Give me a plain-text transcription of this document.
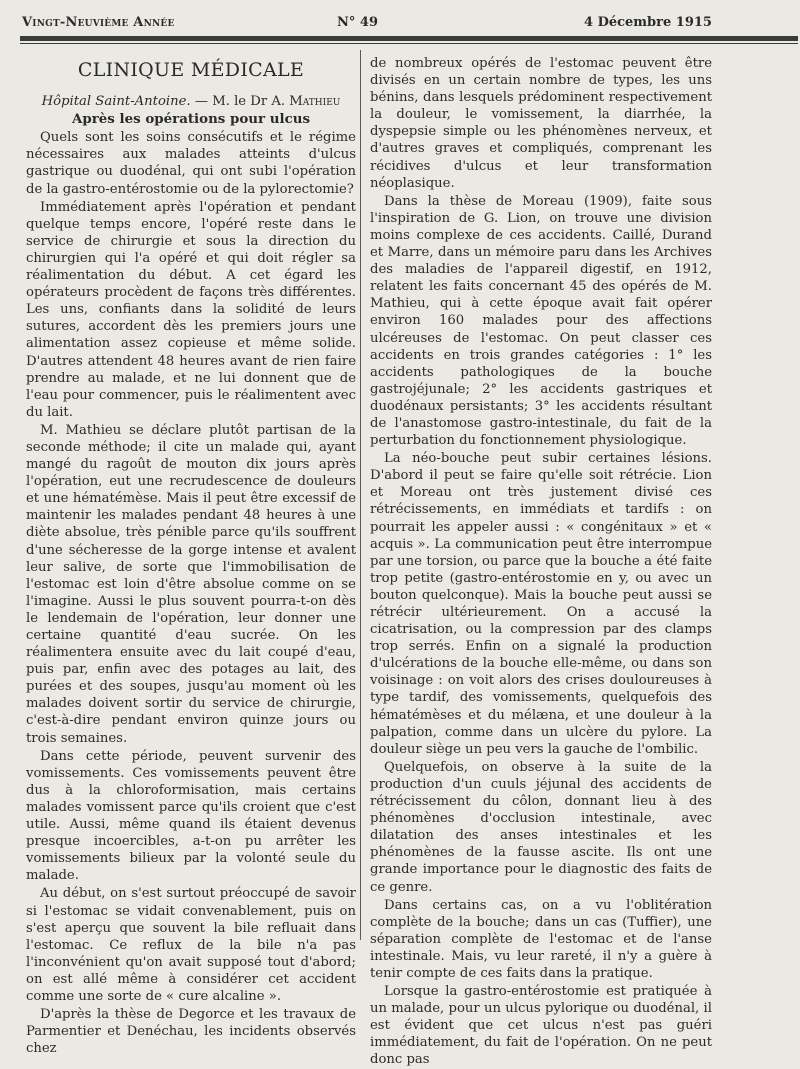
Vingt-Neuvième Année	N° 49	4 Décembre 1915
CLINIQUE MÉDICALE

Hôpital Saint-Antoine. — M. le Dr A. Mathieu

Après les opérations pour ulcus

Quels sont les soins consécutifs et le régime nécessaires aux malades atteints d'ulcus gastrique ou duodénal, qui ont subi l'opération de la gastro-entérostomie ou de la pylorectomie?

Immédiatement après l'opération et pendant quelque temps encore, l'opéré reste dans le service de chirurgie et sous la direction du chirurgien qui l'a opéré et qui doit régler sa réalimentation du début. A cet égard les opérateurs procèdent de façons très différentes. Les uns, confiants dans la solidité de leurs sutures, accordent dès les premiers jours une alimentation assez copieuse et même solide. D'autres attendent 48 heures avant de rien faire prendre au malade, et ne lui donnent que de l'eau pour commencer, puis le réalimentent avec du lait.

M. Mathieu se déclare plutôt partisan de la seconde méthode; il cite un malade qui, ayant mangé du ragoût de mouton dix jours après l'opération, eut une recrudescence de douleurs et une hématémèse. Mais il peut être excessif de maintenir les malades pendant 48 heures à une diète absolue, très pénible parce qu'ils souffrent d'une sécheresse de la gorge intense et avalent leur salive, de sorte que l'immobilisation de l'estomac est loin d'être absolue comme on se l'imagine. Aussi le plus souvent pourra-t-on dès le lendemain de l'opération, leur donner une certaine quantité d'eau sucrée. On les réalimentera ensuite avec du lait coupé d'eau, puis par, enfin avec des potages au lait, des purées et des soupes, jusqu'au moment où les malades doivent sortir du service de chirurgie, c'est-à-dire pendant environ quinze jours ou trois semaines.

Dans cette période, peuvent survenir des vomissements. Ces vomissements peuvent être dus à la chloroformisation, mais certains malades vomissent parce qu'ils croient que c'est utile. Aussi, même quand ils étaient devenus presque incoercibles, a-t-on pu arrêter les vomissements bilieux par la volonté seule du malade.

Au début, on s'est surtout préoccupé de savoir si l'estomac se vidait convenablement, puis on s'est aperçu que souvent la bile refluait dans l'estomac. Ce reflux de la bile n'a pas l'inconvénient qu'on avait supposé tout d'abord; on est allé même à considérer cet accident comme une sorte de « cure alcaline ».

D'après la thèse de Degorce et les travaux de Parmentier et Denéchau, les incidents observés chez

de nombreux opérés de l'estomac peuvent être divisés en un certain nombre de types, les uns bénins, dans lesquels prédominent respectivement la douleur, le vomissement, la diarrhée, la dyspepsie simple ou les phénomènes nerveux, et d'autres graves et compliqués, comprenant les récidives d'ulcus et leur transformation néoplasique.

Dans la thèse de Moreau (1909), faite sous l'inspiration de G. Lion, on trouve une division moins complexe de ces accidents. Caillé, Durand et Marre, dans un mémoire paru dans les Archives des maladies de l'appareil digestif, en 1912, relatent les faits concernant 45 des opérés de M. Mathieu, qui à cette époque avait fait opérer environ 160 malades pour des affections ulcéreuses de l'estomac. On peut classer ces accidents en trois grandes catégories : 1° les accidents pathologiques de la bouche gastrojéjunale; 2° les accidents gastriques et duodénaux persistants; 3° les accidents résultant de l'anastomose gastro-intestinale, du fait de la perturbation du fonctionnement physiologique.

La néo-bouche peut subir certaines lésions. D'abord il peut se faire qu'elle soit rétrécie. Lion et Moreau ont très justement divisé ces rétrécissements, en immédiats et tardifs : on pourrait les appeler aussi : « congénitaux » et « acquis ». La communication peut être interrompue par une torsion, ou parce que la bouche a été faite trop petite (gastro-entérostomie en y, ou avec un bouton quelconque). Mais la bouche peut aussi se rétrécir ultérieurement. On a accusé la cicatrisation, ou la compression par des clamps trop serrés. Enfin on a signalé la production d'ulcérations de la bouche elle-même, ou dans son voisinage : on voit alors des crises douloureuses à type tardif, des vomissements, quelquefois des hématémèses et du mélæna, et une douleur à la palpation, comme dans un ulcère du pylore. La douleur siège un peu vers la gauche de l'ombilic.

Quelquefois, on observe à la suite de la production d'un cuuls jéjunal des accidents de rétrécissement du côlon, donnant lieu à des phénomènes d'occlusion intestinale, avec dilatation des anses intestinales et les phénomènes de la fausse ascite. Ils ont une grande importance pour le diagnostic des faits de ce genre.

Dans certains cas, on a vu l'oblitération complète de la bouche; dans un cas (Tuffier), une séparation complète de l'estomac et de l'anse intestinale. Mais, vu leur rareté, il n'y a guère à tenir compte de ces faits dans la pratique.

Lorsque la gastro-entérostomie est pratiquée à un malade, pour un ulcus pylorique ou duodénal, il est évident que cet ulcus n'est pas guéri immédiatement, du fait de l'opération. On ne peut donc pas
